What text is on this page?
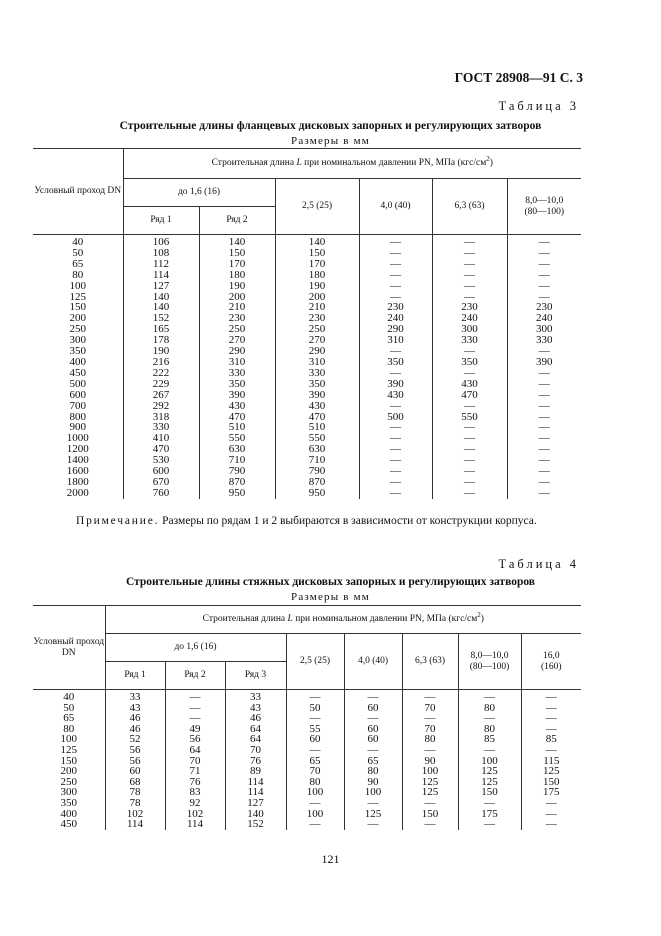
ГОСТ 28908—91 С. 3
Таблица 3
Строительные длины фланцевых дисковых запорных и регулирующих затворов
Размеры в мм
Условный проход DN	Строительная длина L при номинальном давлении PN, МПа $(кгс/см^2)$					
	до 1,6 (16)		2,5 (25)	4,0 (40)	6,3 (63)	8,0—10,0
(80—100)
	Ряд 1	Ряд 2				
40	106	140	140	—	—	—
50	108	150	150	—	—	—
65	112	170	170	—	—	—
80	114	180	180	—	—	—
100	127	190	190	—	—	—
125	140	200	200	—	—	—
150	140	210	210	230	230	230
200	152	230	230	240	240	240
250	165	250	250	290	300	300
300	178	270	270	310	330	330
350	190	290	290	—	—	—
400	216	310	310	350	350	390
450	222	330	330	—	—	—
500	229	350	350	390	430	—
600	267	390	390	430	470	—
700	292	430	430	—	—	—
800	318	470	470	500	550	—
900	330	510	510	—	—	—
1000	410	550	550	—	—	—
1200	470	630	630	—	—	—
1400	530	710	710	—	—	—
1600	600	790	790	—	—	—
1800	670	870	870	—	—	—
2000	760	950	950	—	—	—
Примечание. Размеры по рядам 1 и 2 выбираются в зависимости от конструкции корпуса.
Таблица 4
Строительные длины стяжных дисковых запорных и регулирующих затворов
Размеры в мм
Условный проход DN	Строительная длина L при номинальном давлении PN, МПа $(кгс/см^2)$							
	до 1,6 (16)			2,5 (25)	4,0 (40)	6,3 (63)	8,0—10,0
(80—100)	16,0
(160)
	Ряд 1	Ряд 2	Ряд 3					
40	33	—	33	—	—	—	—	—
50	43	—	43	50	60	70	80	—
65	46	—	46	—	—	—	—	—
80	46	49	64	55	60	70	80	—
100	52	56	64	60	60	80	85	85
125	56	64	70	—	—	—	—	—
150	56	70	76	65	65	90	100	115
200	60	71	89	70	80	100	125	125
250	68	76	114	80	90	125	125	150
300	78	83	114	100	100	125	150	175
350	78	92	127	—	—	—	—	—
400	102	102	140	100	125	150	175	—
450	114	114	152	—	—	—	—	—
121
